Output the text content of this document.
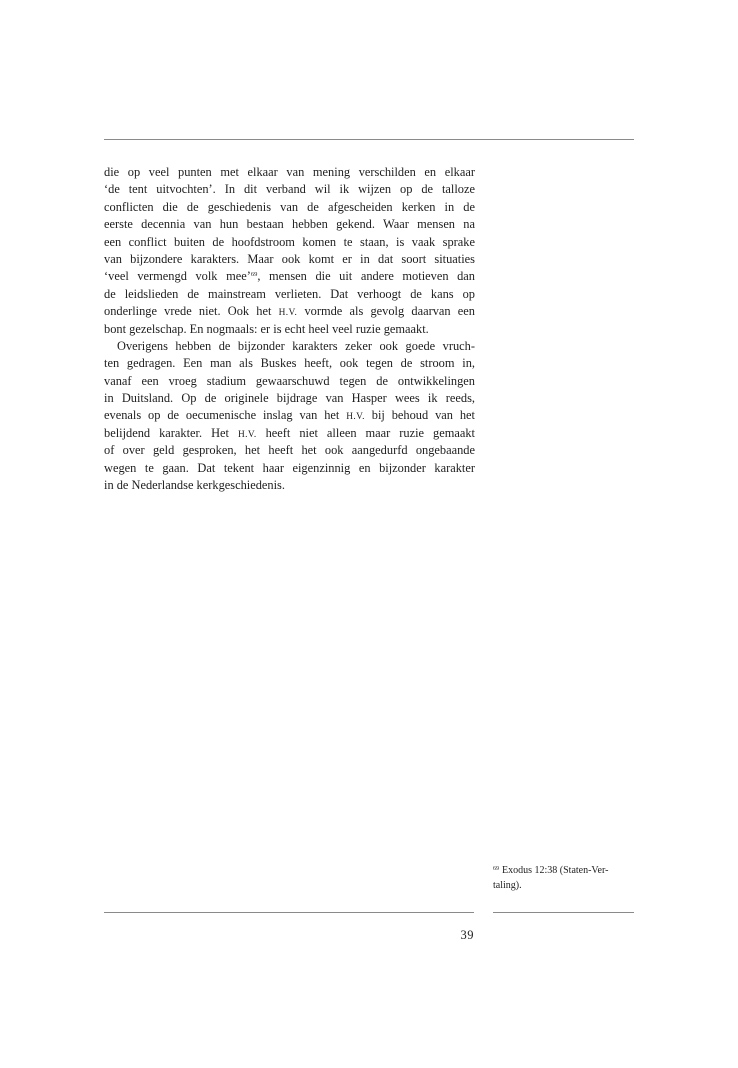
die op veel punten met elkaar van mening verschilden en elkaar
‘de tent uitvochten’. In dit verband wil ik wijzen op de talloze
conflicten die de geschiedenis van de afgescheiden kerken in de
eerste decennia van hun bestaan hebben gekend. Waar mensen na
een conflict buiten de hoofdstroom komen te staan, is vaak sprake
van bijzondere karakters. Maar ook komt er in dat soort situaties
‘veel vermengd volk mee’$^{69}$, mensen die uit andere motieven dan
de leidslieden de mainstream verlieten. Dat verhoogt de kans op
onderlinge vrede niet. Ook het H.V. vormde als gevolg daarvan een
bont gezelschap. En nogmaals: er is echt heel veel ruzie gemaakt.
Overigens hebben de bijzonder karakters zeker ook goede vruch-
ten gedragen. Een man als Buskes heeft, ook tegen de stroom in,
vanaf een vroeg stadium gewaarschuwd tegen de ontwikkelingen
in Duitsland. Op de originele bijdrage van Hasper wees ik reeds,
evenals op de oecumenische inslag van het H.V. bij behoud van het
belijdend karakter. Het H.V. heeft niet alleen maar ruzie gemaakt
of over geld gesproken, het heeft het ook aangedurfd ongebaande
wegen te gaan. Dat tekent haar eigenzinnig en bijzonder karakter
in de Nederlandse kerkgeschiedenis.
$^{69}$ Exodus 12:38 (Staten-Ver-
taling).
39
